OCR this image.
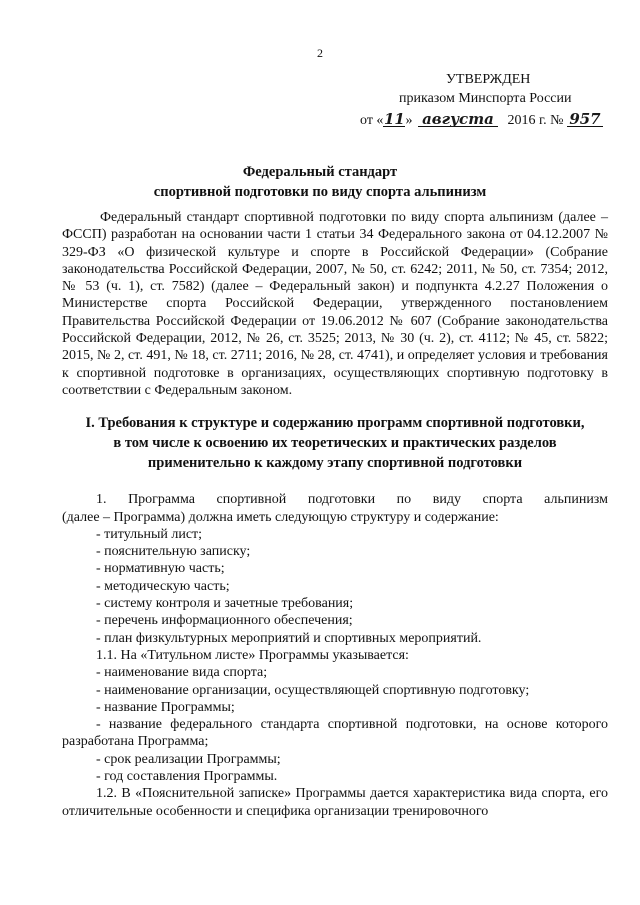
2
УТВЕРЖДЕН
приказом Минспорта России
от «11» августа 2016 г. № 957
Федеральный стандарт
спортивной подготовки по виду спорта альпинизм

Федеральный стандарт спортивной подготовки по виду спорта альпинизм (далее – ФССП) разработан на основании части 1 статьи 34 Федерального закона от 04.12.2007 № 329-ФЗ «О физической культуре и спорте в Российской Федерации» (Собрание законодательства Российской Федерации, 2007, № 50, ст. 6242; 2011, № 50, ст. 7354; 2012, № 53 (ч. 1), ст. 7582) (далее – Федеральный закон) и подпункта 4.2.27 Положения о Министерстве спорта Российской Федерации, утвержденного постановлением Правительства Российской Федерации от 19.06.2012 № 607 (Собрание законодательства Российской Федерации, 2012, № 26, ст. 3525; 2013, № 30 (ч. 2), ст. 4112; № 45, ст. 5822; 2015, № 2, ст. 491, № 18, ст. 2711; 2016, № 28, ст. 4741), и определяет условия и требования к спортивной подготовке в организациях, осуществляющих спортивную подготовку в соответствии с Федеральным законом.

I. Требования к структуре и содержанию программ спортивной подготовки,
в том числе к освоению их теоретических и практических разделов
применительно к каждому этапу спортивной подготовки

1. Программа спортивной подготовки по виду спорта альпинизм
(далее – Программа) должна иметь следующую структуру и содержание:

- титульный лист;

- пояснительную записку;

- нормативную часть;

- методическую часть;

- систему контроля и зачетные требования;

- перечень информационного обеспечения;

- план физкультурных мероприятий и спортивных мероприятий.

1.1. На «Титульном листе» Программы указывается:

- наименование вида спорта;

- наименование организации, осуществляющей спортивную подготовку;

- название Программы;

- название федерального стандарта спортивной подготовки, на основе которого разработана Программа;

- срок реализации Программы;

- год составления Программы.

1.2. В «Пояснительной записке» Программы дается характеристика вида спорта, его отличительные особенности и специфика организации тренировочного
